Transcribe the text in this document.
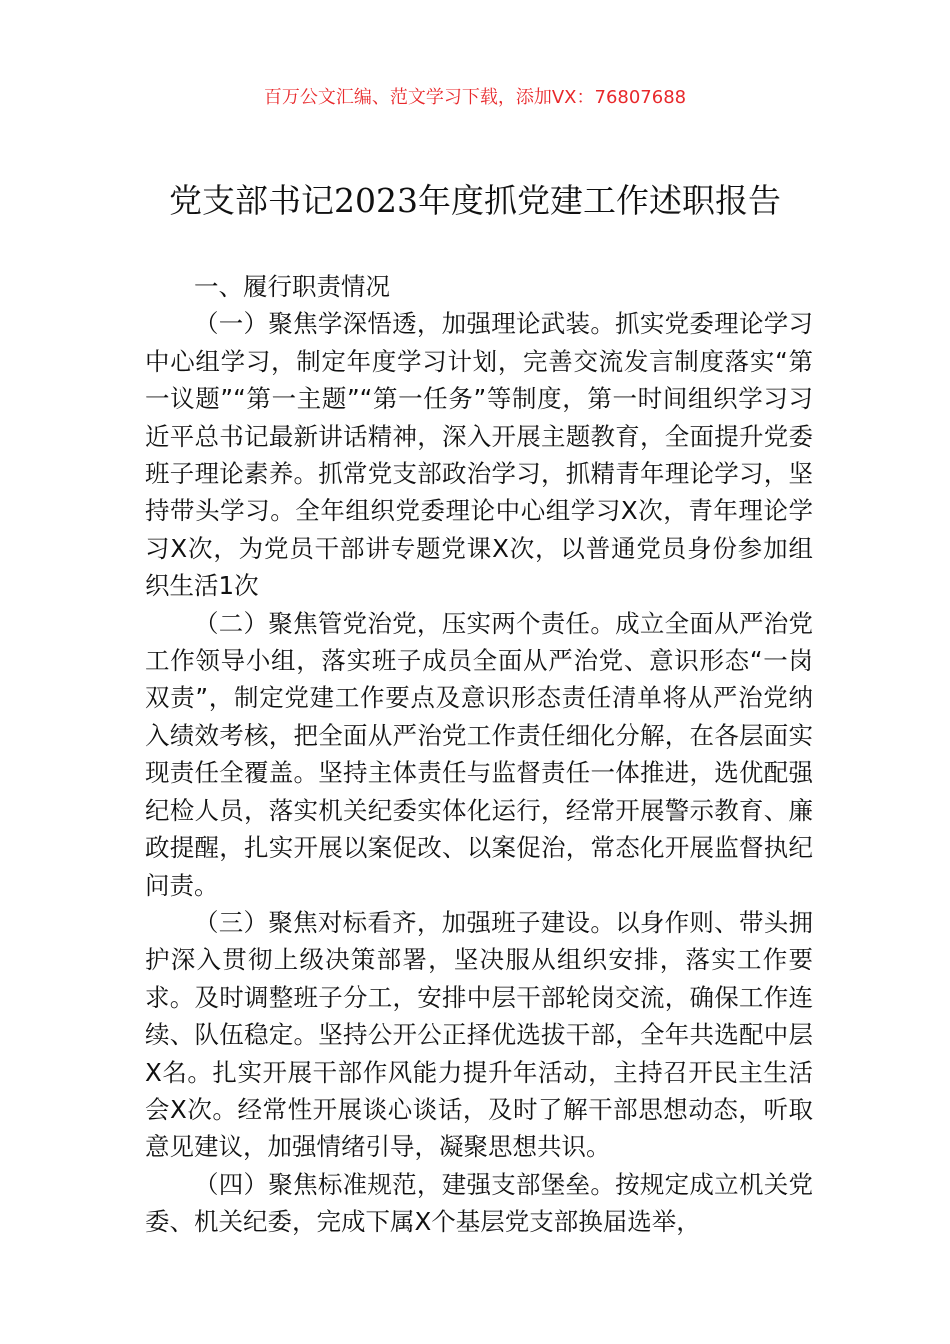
百万公文汇编、范文学习下载，添加VX：76807688
党支部书记2023年度抓党建工作述职报告

一、履行职责情况

（一）聚焦学深悟透，加强理论武装。抓实党委理论学习中心组学习，制定年度学习计划，完善交流发言制度落实“第一议题”“第一主题”“第一任务”等制度，第一时间组织学习习近平总书记最新讲话精神，深入开展主题教育，全面提升党委班子理论素养。抓常党支部政治学习，抓精青年理论学习，坚持带头学习。全年组织党委理论中心组学习X次，青年理论学习X次，为党员干部讲专题党课X次，以普通党员身份参加组织生活1次

（二）聚焦管党治党，压实两个责任。成立全面从严治党工作领导小组，落实班子成员全面从严治党、意识形态“一岗双责”，制定党建工作要点及意识形态责任清单将从严治党纳入绩效考核，把全面从严治党工作责任细化分解，在各层面实现责任全覆盖。坚持主体责任与监督责任一体推进，选优配强纪检人员，落实机关纪委实体化运行，经常开展警示教育、廉政提醒，扎实开展以案促改、以案促治，常态化开展监督执纪问责。

（三）聚焦对标看齐，加强班子建设。以身作则、带头拥护深入贯彻上级决策部署，坚决服从组织安排，落实工作要求。及时调整班子分工，安排中层干部轮岗交流，确保工作连续、队伍稳定。坚持公开公正择优选拔干部，全年共选配中层X名。扎实开展干部作风能力提升年活动，主持召开民主生活会X次。经常性开展谈心谈话，及时了解干部思想动态，听取意见建议，加强情绪引导，凝聚思想共识。

（四）聚焦标准规范，建强支部堡垒。按规定成立机关党委、机关纪委，完成下属X个基层党支部换届选举，
